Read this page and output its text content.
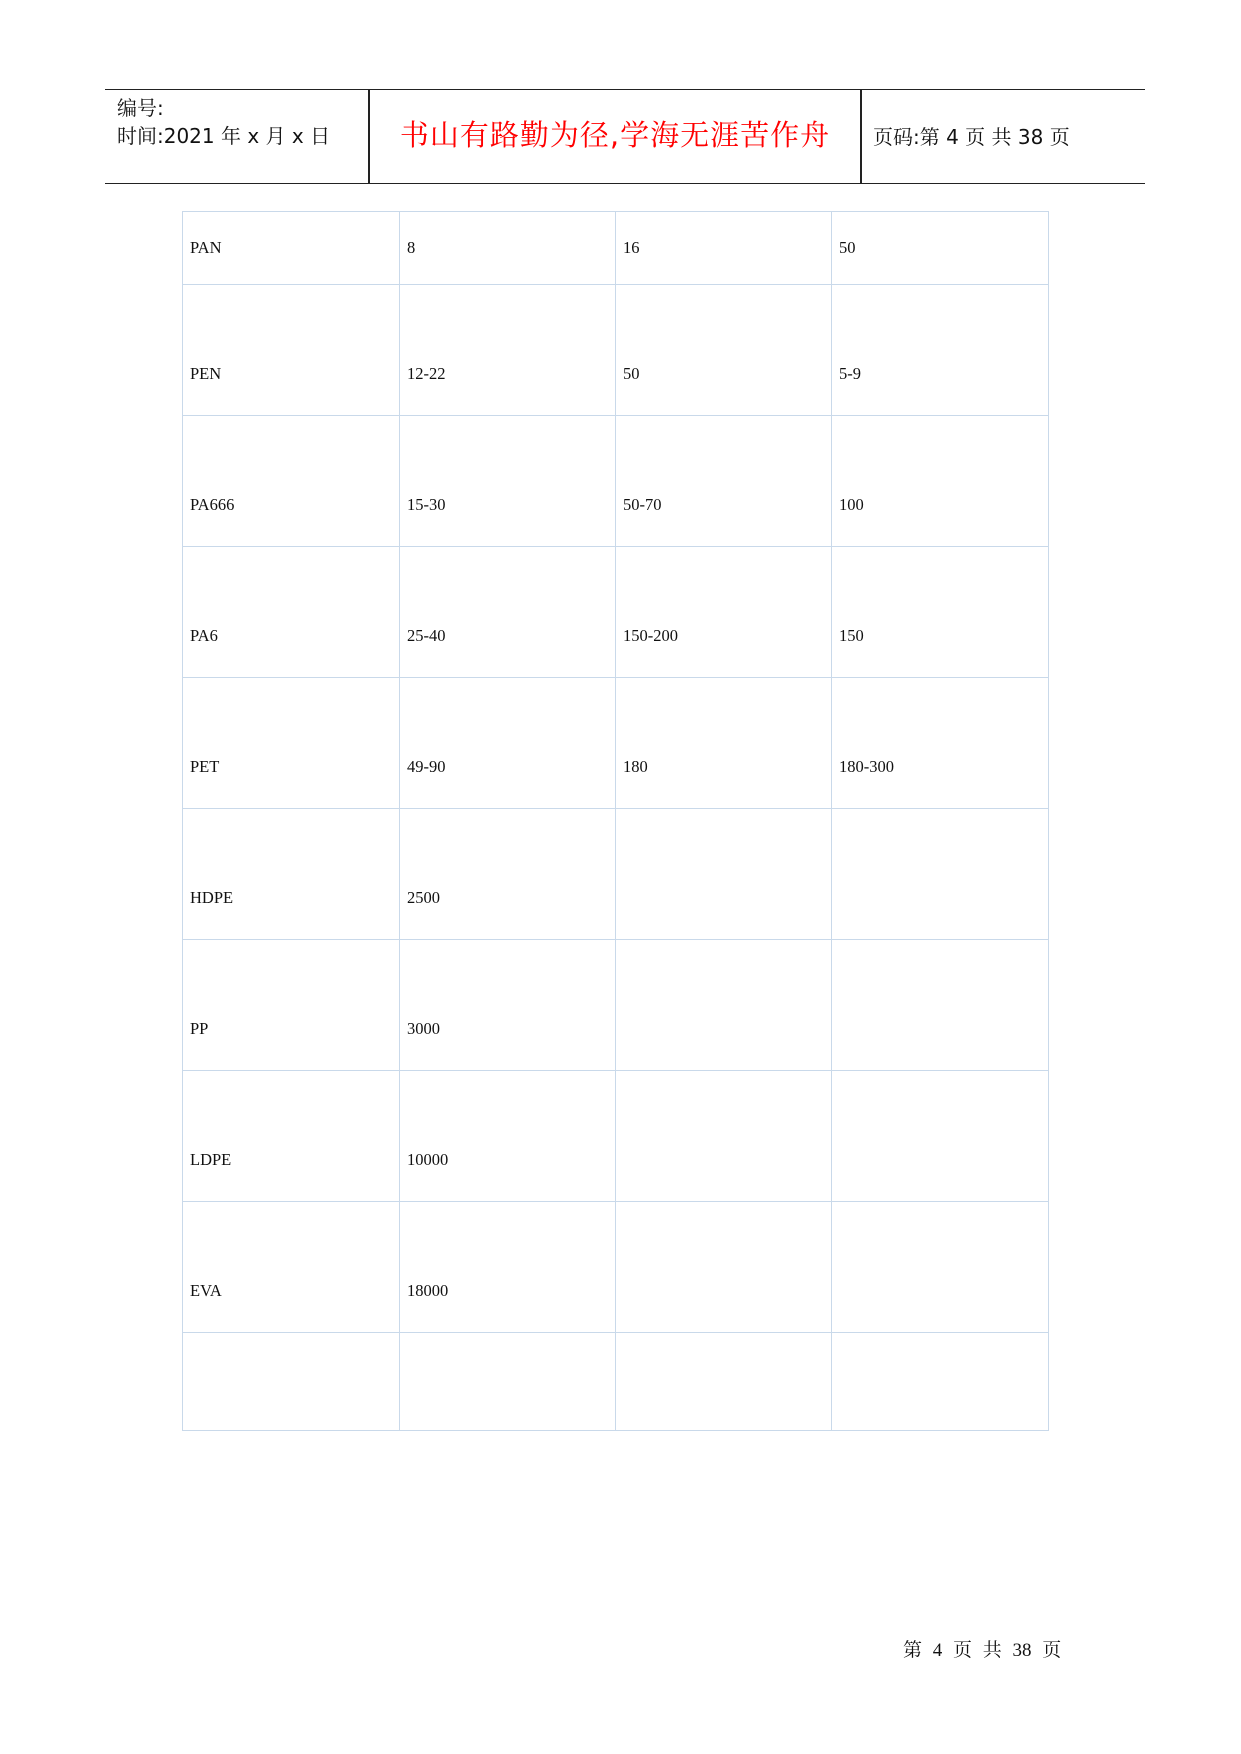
编号:
时间:2021 年 x 月 x 日	书山有路勤为径,学海无涯苦作舟	页码:第 4 页 共 38 页
PAN	8	16	50
PEN	12-22	50	5-9
PA666	15-30	50-70	100
PA6	25-40	150-200	150
PET	49-90	180	180-300
HDPE	2500		
PP	3000		
LDPE	10000		
EVA	18000		

第 4 页 共 38 页
